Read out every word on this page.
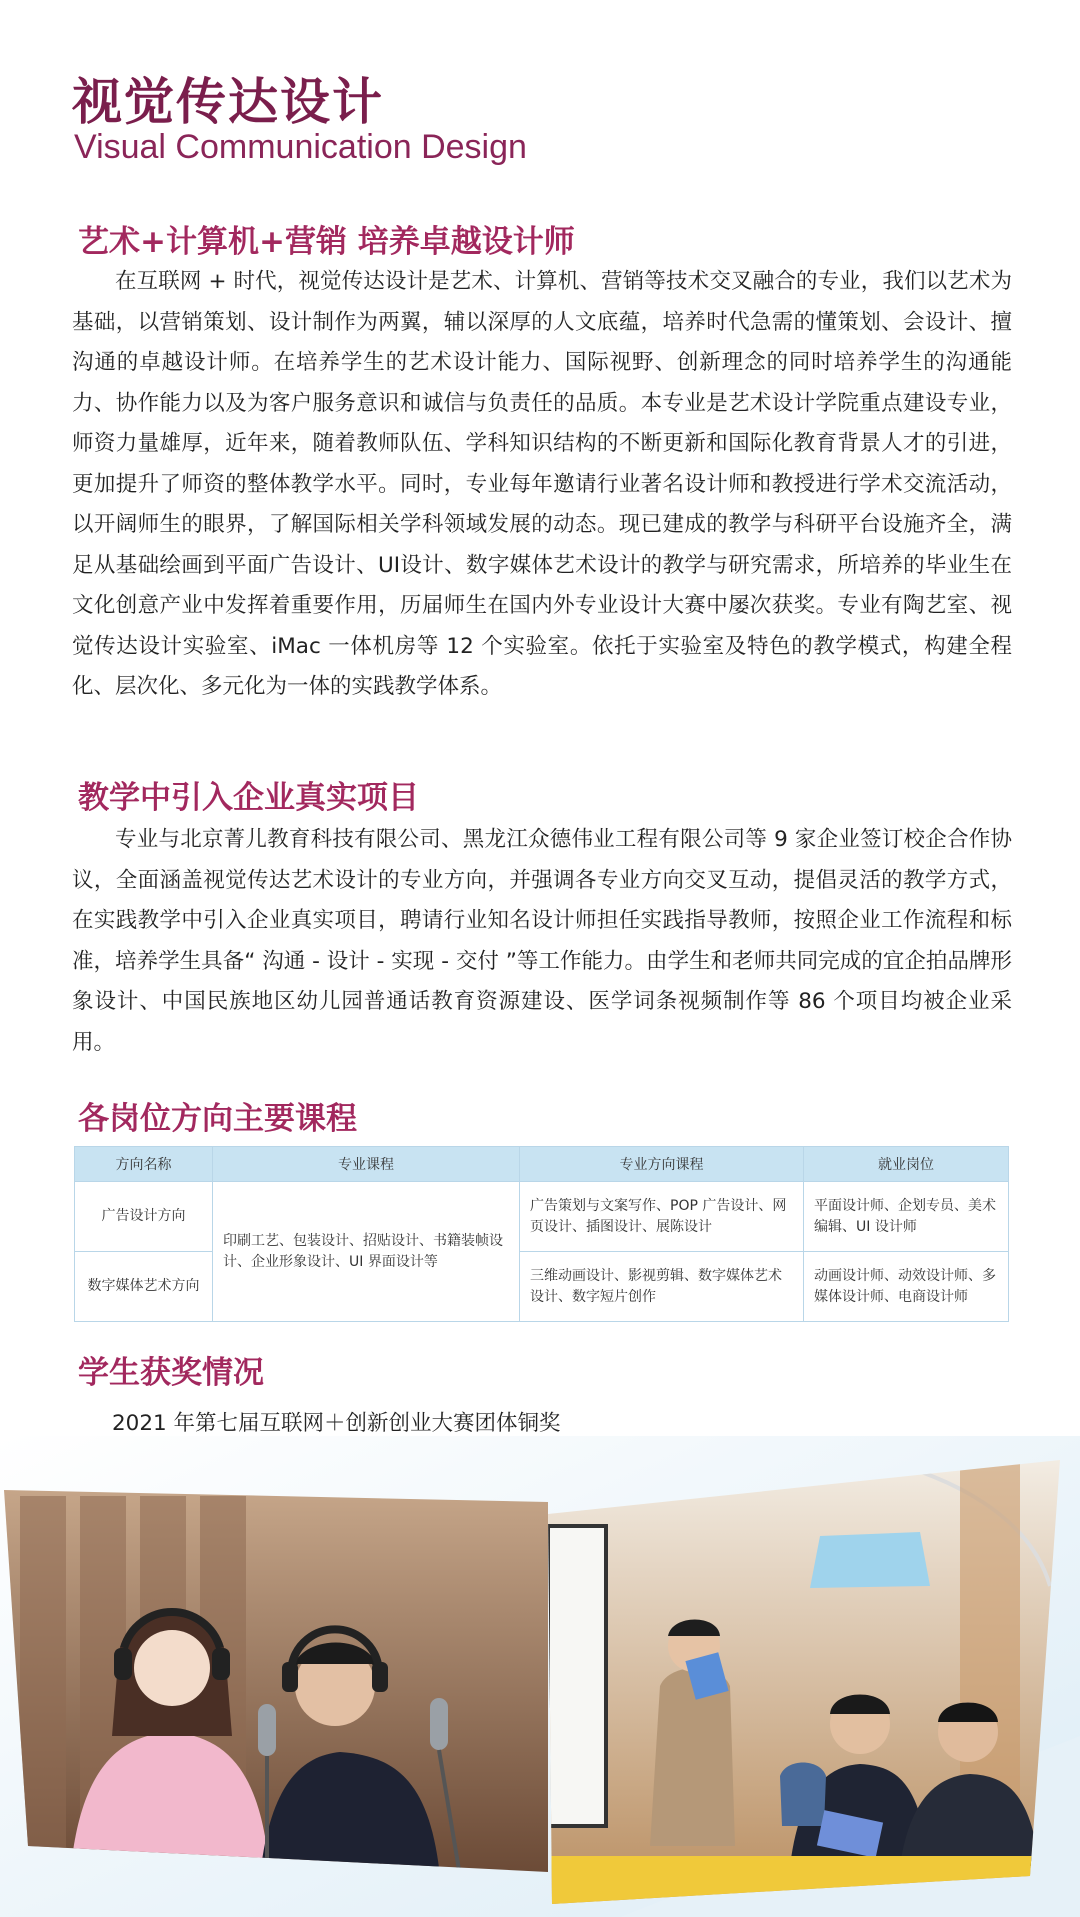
视觉传达设计
Visual Communication Design
艺术+计算机+营销 培养卓越设计师
在互联网 + 时代，视觉传达设计是艺术、计算机、营销等技术交叉融合的专业，我们以艺术为基础，以营销策划、设计制作为两翼，辅以深厚的人文底蕴，培养时代急需的懂策划、会设计、擅沟通的卓越设计师。在培养学生的艺术设计能力、国际视野、创新理念的同时培养学生的沟通能力、协作能力以及为客户服务意识和诚信与负责任的品质。本专业是艺术设计学院重点建设专业，师资力量雄厚，近年来，随着教师队伍、学科知识结构的不断更新和国际化教育背景人才的引进，更加提升了师资的整体教学水平。同时，专业每年邀请行业著名设计师和教授进行学术交流活动，以开阔师生的眼界，了解国际相关学科领域发展的动态。现已建成的教学与科研平台设施齐全，满足从基础绘画到平面广告设计、UI设计、数字媒体艺术设计的教学与研究需求，所培养的毕业生在文化创意产业中发挥着重要作用，历届师生在国内外专业设计大赛中屡次获奖。专业有陶艺室、视觉传达设计实验室、iMac 一体机房等 12 个实验室。依托于实验室及特色的教学模式，构建全程化、层次化、多元化为一体的实践教学体系。
教学中引入企业真实项目
专业与北京菁儿教育科技有限公司、黑龙江众德伟业工程有限公司等 9 家企业签订校企合作协议，全面涵盖视觉传达艺术设计的专业方向，并强调各专业方向交叉互动，提倡灵活的教学方式，在实践教学中引入企业真实项目，聘请行业知名设计师担任实践指导教师，按照企业工作流程和标准，培养学生具备“ 沟通 - 设计 - 实现 - 交付 ”等工作能力。由学生和老师共同完成的宜企拍品牌形象设计、中国民族地区幼儿园普通话教育资源建设、医学词条视频制作等 86 个项目均被企业采用。
各岗位方向主要课程
方向名称	专业课程	专业方向课程	就业岗位
广告设计方向	印刷工艺、包装设计、招贴设计、书籍装帧设计、企业形象设计、UI 界面设计等	广告策划与文案写作、POP 广告设计、网页设计、插图设计、展陈设计	平面设计师、企划专员、美术编辑、UI 设计师
数字媒体艺术方向		三维动画设计、影视剪辑、数字媒体艺术设计、数字短片创作	动画设计师、动效设计师、多媒体设计师、电商设计师
学生获奖情况
2021 年第七届互联网＋创新创业大赛团体铜奖
